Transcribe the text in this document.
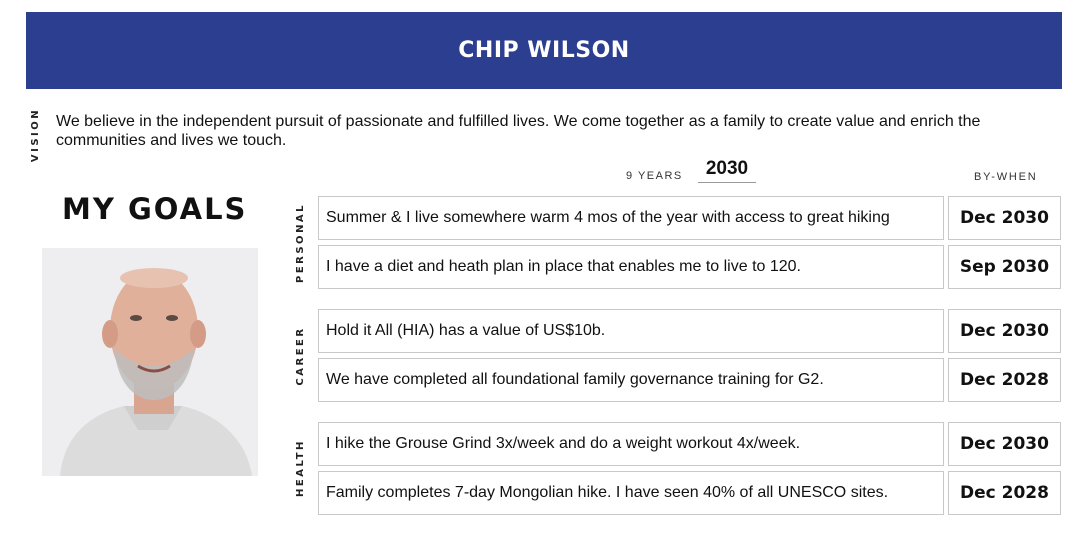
CHIP WILSON
VISION We believe in the independent pursuit of passionate and fulfilled lives. We come together as a family to create value and enrich the communities and lives we touch.
9 YEARS	2030	BY-WHEN
MY GOALS	PERSONAL	Summer & I live somewhere warm 4 mos of the year with access to great hiking	Dec 2030
I have a diet and heath plan in place that enables me to live to 120.	Sep 2030
CAREER	Hold it All (HIA) has a value of US$10b.	Dec 2030
We have completed all foundational family governance training for G2.	Dec 2028
HEALTH	I hike the Grouse Grind 3x/week and do a weight workout 4x/week.	Dec 2030
Family completes 7-day Mongolian hike. I have seen 40% of all UNESCO sites.	Dec 2028
